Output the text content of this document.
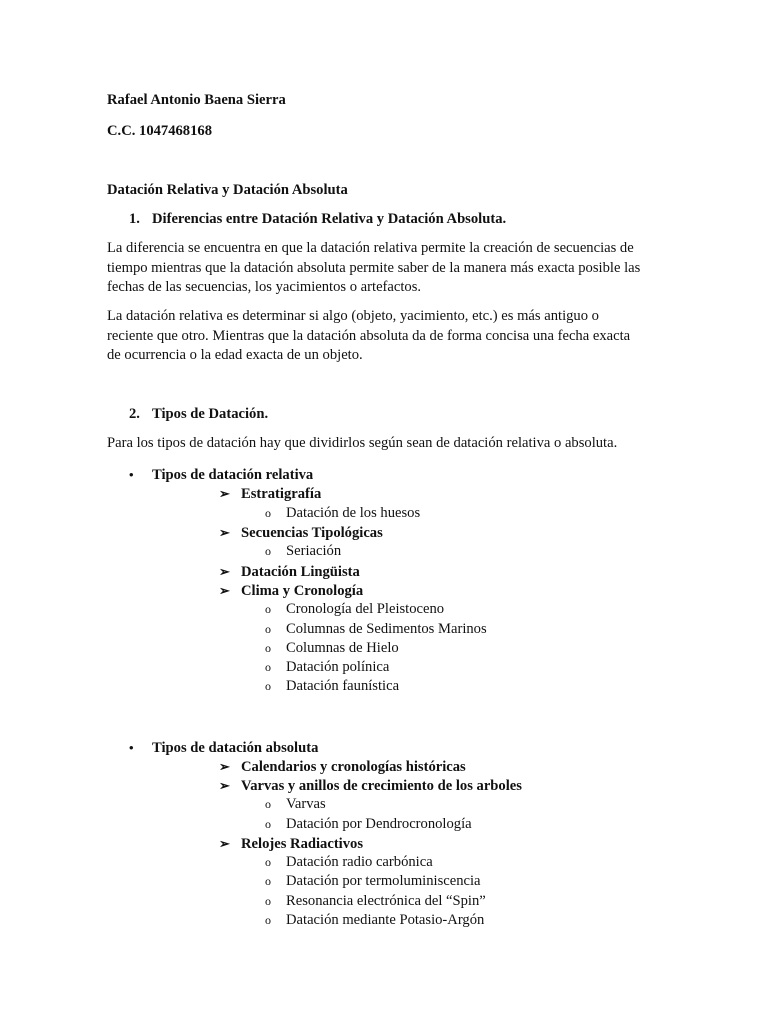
Rafael Antonio Baena Sierra

C.C. 1047468168

Datación Relativa y Datación Absoluta

1. Diferencias entre Datación Relativa y Datación Absoluta.

La diferencia se encuentra en que la datación relativa permite la creación de secuencias de

tiempo mientras que la datación absoluta permite saber de la manera más exacta posible las

fechas de las secuencias, los yacimientos o artefactos.

La datación relativa es determinar si algo (objeto, yacimiento, etc.) es más antiguo o

reciente que otro. Mientras que la datación absoluta da de forma concisa una fecha exacta

de ocurrencia o la edad exacta de un objeto.

2. Tipos de Datación.

Para los tipos de datación hay que dividirlos según sean de datación relativa o absoluta.

• Tipos de datación relativa
➢ Estratigrafía
o Datación de los huesos
➢ Secuencias Tipológicas
o Seriación
➢ Datación Lingüista
➢ Clima y Cronología
o Cronología del Pleistoceno
o Columnas de Sedimentos Marinos
o Columnas de Hielo
o Datación polínica
o Datación faunística
• Tipos de datación absoluta
➢ Calendarios y cronologías históricas
➢ Varvas y anillos de crecimiento de los arboles
o Varvas
o Datación por Dendrocronología
➢ Relojes Radiactivos
o Datación radio carbónica
o Datación por termoluminiscencia
o Resonancia electrónica del “Spin”
o Datación mediante Potasio-Argón
